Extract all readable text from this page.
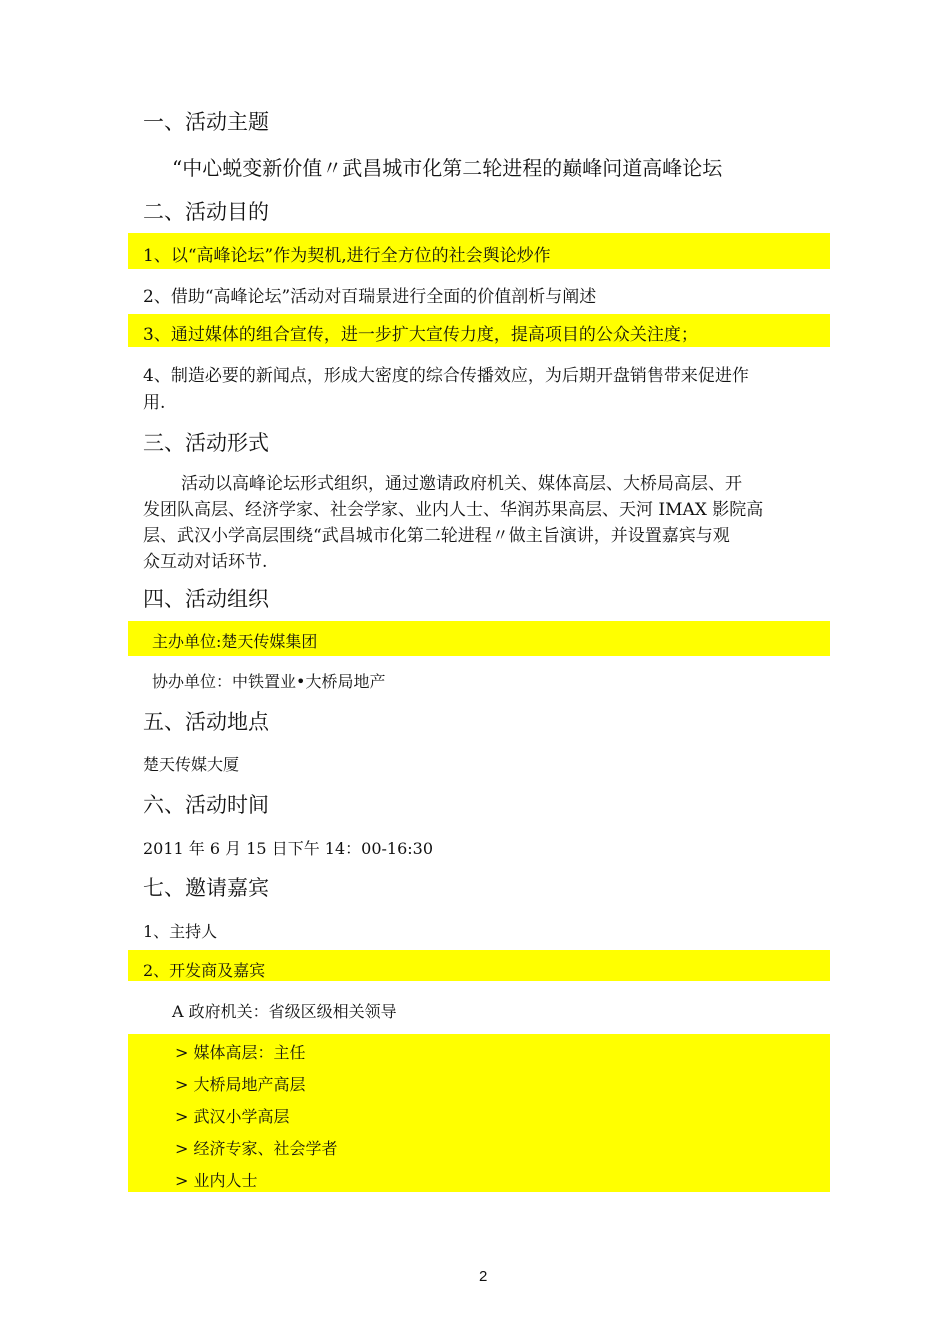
一、活动主题
“中心蜕变新价值〃武昌城市化第二轮进程的巅峰问道高峰论坛
二、活动目的
1、以“高峰论坛”作为契机,进行全方位的社会舆论炒作
2、借助“高峰论坛”活动对百瑞景进行全面的价值剖析与阐述
3、通过媒体的组合宣传，进一步扩大宣传力度，提高项目的公众关注度；
4、制造必要的新闻点，形成大密度的综合传播效应，为后期开盘销售带来促进作
用.
三、活动形式
活动以高峰论坛形式组织，通过邀请政府机关、媒体高层、大桥局高层、开
发团队高层、经济学家、社会学家、业内人士、华润苏果高层、天河 IMAX 影院高
层、武汉小学高层围绕“武昌城市化第二轮进程〃做主旨演讲，并设置嘉宾与观
众互动对话环节.
四、活动组织
主办单位:楚天传媒集团
协办单位：中铁置业•大桥局地产
五、活动地点
楚天传媒大厦
六、活动时间
2011 年 6 月 15 日下午 14：00-16:30
七、邀请嘉宾
1、主持人
2、开发商及嘉宾
A 政府机关：省级区级相关领导
> 媒体高层：主任
> 大桥局地产高层
> 武汉小学高层
> 经济专家、社会学者
> 业内人士
2
